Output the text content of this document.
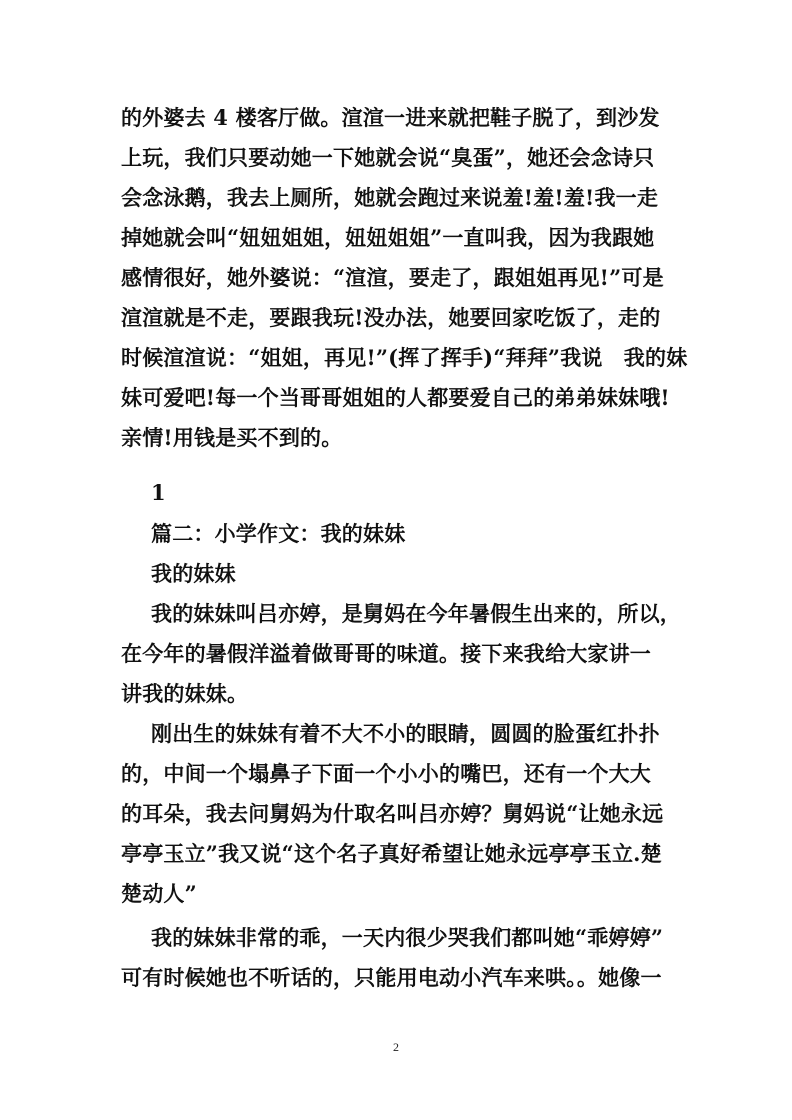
的外婆去 4 楼客厅做。渲渲一进来就把鞋子脱了，到沙发
上玩，我们只要动她一下她就会说“臭蛋”，她还会念诗只
会念泳鹅，我去上厕所，她就会跑过来说羞!羞!羞!我一走
掉她就会叫“妞妞姐姐，妞妞姐姐”一直叫我，因为我跟她
感情很好，她外婆说：“渲渲，要走了，跟姐姐再见!”可是
渲渲就是不走，要跟我玩!没办法，她要回家吃饭了，走的
时候渲渲说：“姐姐，再见!”(挥了挥手)“拜拜”我说　我的妹
妹可爱吧!每一个当哥哥姐姐的人都要爱自己的弟弟妹妹哦!
亲情!用钱是买不到的。
1
篇二：小学作文：我的妹妹
我的妹妹
我的妹妹叫吕亦婷，是舅妈在今年暑假生出来的，所以，
在今年的暑假洋溢着做哥哥的味道。接下来我给大家讲一
讲我的妹妹。
刚出生的妹妹有着不大不小的眼睛，圆圆的脸蛋红扑扑
的，中间一个塌鼻子下面一个小小的嘴巴，还有一个大大
的耳朵，我去问舅妈为什取名叫吕亦婷？舅妈说“让她永远
亭亭玉立”我又说“这个名子真好希望让她永远亭亭玉立.楚
楚动人”
我的妹妹非常的乖，一天内很少哭我们都叫她“乖婷婷”
可有时候她也不听话的，只能用电动小汽车来哄。。她像一
2
